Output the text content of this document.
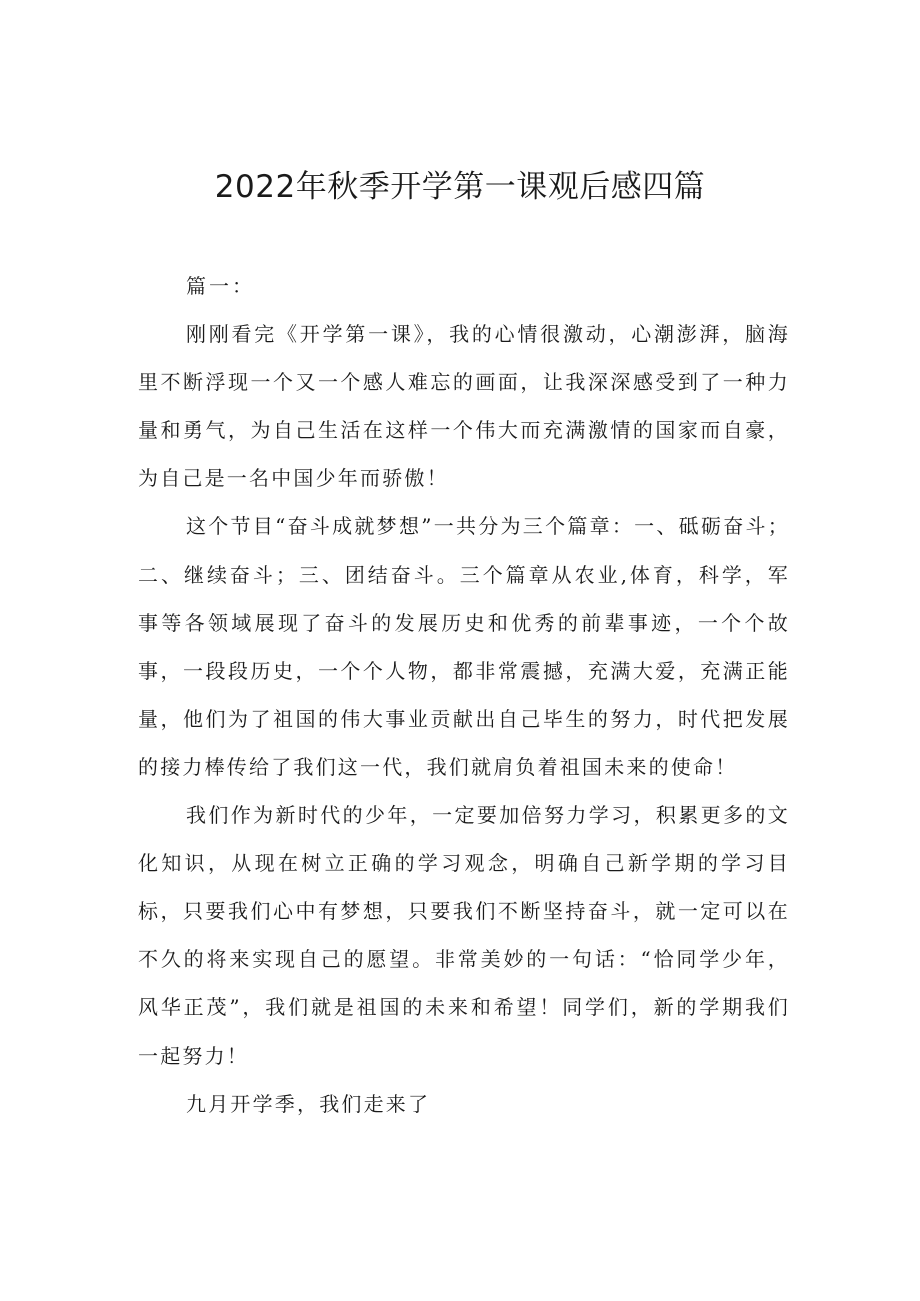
2022年秋季开学第一课观后感四篇

篇一：

刚刚看完《开学第一课》，我的心情很激动，心潮澎湃，脑海里不断浮现一个又一个感人难忘的画面，让我深深感受到了一种力量和勇气，为自己生活在这样一个伟大而充满激情的国家而自豪，为自己是一名中国少年而骄傲！

这个节目“奋斗成就梦想”一共分为三个篇章：一、砥砺奋斗；二、继续奋斗；三、团结奋斗。三个篇章从农业,体育，科学，军事等各领域展现了奋斗的发展历史和优秀的前辈事迹，一个个故事，一段段历史，一个个人物，都非常震撼，充满大爱，充满正能量，他们为了祖国的伟大事业贡献出自己毕生的努力，时代把发展的接力棒传给了我们这一代，我们就肩负着祖国未来的使命！

我们作为新时代的少年，一定要加倍努力学习，积累更多的文化知识，从现在树立正确的学习观念，明确自己新学期的学习目标，只要我们心中有梦想，只要我们不断坚持奋斗，就一定可以在不久的将来实现自己的愿望。非常美妙的一句话：“恰同学少年，风华正茂”，我们就是祖国的未来和希望！同学们，新的学期我们一起努力！

九月开学季，我们走来了
